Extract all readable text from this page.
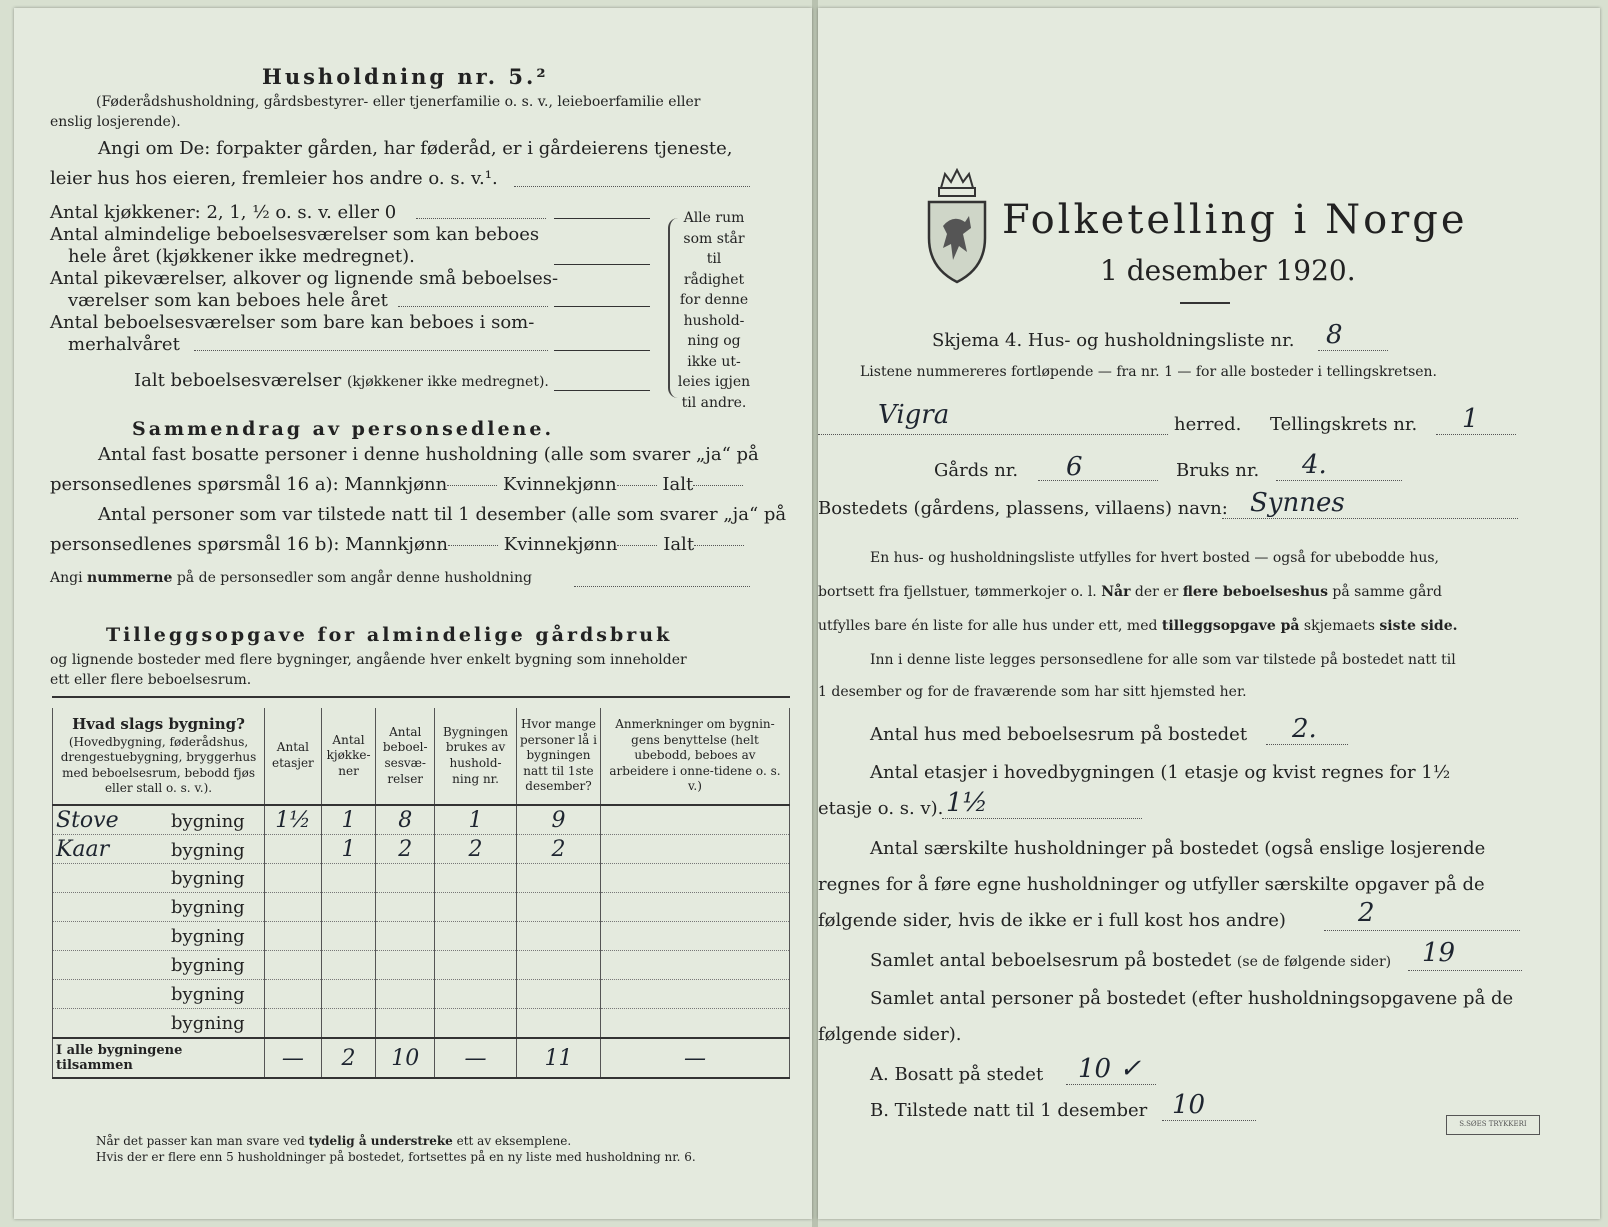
Husholdning nr. 5.²
(Føderådshusholdning, gårdsbestyrer- eller tjenerfamilie o. s. v., leieboerfamilie eller
enslig losjerende).
Angi om De: forpakter gården, har føderåd, er i gårdeierens tjeneste,
leier hus hos eieren, fremleier hos andre o. s. v.¹.
Antal kjøkkener: 2, 1, ½ o. s. v. eller 0
Antal almindelige beboelsesværelser som kan beboes
hele året (kjøkkener ikke medregnet).
Antal pikeværelser, alkover og lignende små beboelses-
værelser som kan beboes hele året
Antal beboelsesværelser som bare kan beboes i som-
merhalvåret
Ialt beboelsesværelser (kjøkkener ikke medregnet).
Alle rum
som står til
rådighet
for denne
hushold-
ning og
ikke ut-
leies igjen
til andre.
Sammendrag av personsedlene.
Antal fast bosatte personer i denne husholdning (alle som svarer „ja“ på
personsedlenes spørsmål 16 a): Mannkjønn	Kvinnekjønn	Ialt
Antal personer som var tilstede natt til 1 desember (alle som svarer „ja“ på
personsedlenes spørsmål 16 b): Mannkjønn	Kvinnekjønn	Ialt
Angi nummerne på de personsedler som angår denne husholdning
Tilleggsopgave for almindelige gårdsbruk
og lignende bosteder med flere bygninger, angående hver enkelt bygning som inneholder
ett eller flere beboelsesrum.
Hvad slags bygning?
(Hovedbygning, føderådshus, drengestuebygning, bryggerhus med beboelsesrum, bebodd fjøs eller stall o. s. v.).	Antal etasjer	Antal kjøkke-ner	Antal beboel-sesvæ-relser	Bygningen brukes av hushold-ning nr.	Hvor mange personer lå i bygningen natt til 1ste desember?	Anmerkninger om bygnin-gens benyttelse (helt ubebodd, beboes av arbeidere i onne-tidene o. s. v.)
Stove bygning	1½	1	8	1	9	
Kaar bygning		1	2	2	2	
bygning						
bygning						
bygning						
bygning						
bygning						
bygning						
I alle bygningene tilsammen	—	2	10	—	11	—
Når det passer kan man svare ved tydelig å understreke ett av eksemplene.
Hvis der er flere enn 5 husholdninger på bostedet, fortsettes på en ny liste med husholdning nr. 6.
Folketelling i Norge
1 desember 1920.
Skjema 4. Hus- og husholdningsliste nr. 8
Listene nummereres fortløpende — fra nr. 1 — for alle bosteder i tellingskretsen.
Vigra	herred. Tellingskrets nr. 1
Gårds nr. 6	Bruks nr. 4.
Bostedets (gårdens, plassens, villaens) navn: Synnes
En hus- og husholdningsliste utfylles for hvert bosted — også for ubebodde hus,
bortsett fra fjellstuer, tømmerkojer o. l. Når der er flere beboelseshus på samme gård
utfylles bare én liste for alle hus under ett, med tilleggsopgave på skjemaets siste side.
Inn i denne liste legges personsedlene for alle som var tilstede på bostedet natt til
1 desember og for de fraværende som har sitt hjemsted her.
Antal hus med beboelsesrum på bostedet 2.
Antal etasjer i hovedbygningen (1 etasje og kvist regnes for 1½
etasje o. s. v). 1½
Antal særskilte husholdninger på bostedet (også enslige losjerende
regnes for å føre egne husholdninger og utfyller særskilte opgaver på de
følgende sider, hvis de ikke er i full kost hos andre)	2
Samlet antal beboelsesrum på bostedet (se de følgende sider) 19
Samlet antal personer på bostedet (efter husholdningsopgavene på de
følgende sider).
A. Bosatt på stedet 10 ✓
B. Tilstede natt til 1 desember 10
S.SØES TRYKKERI
